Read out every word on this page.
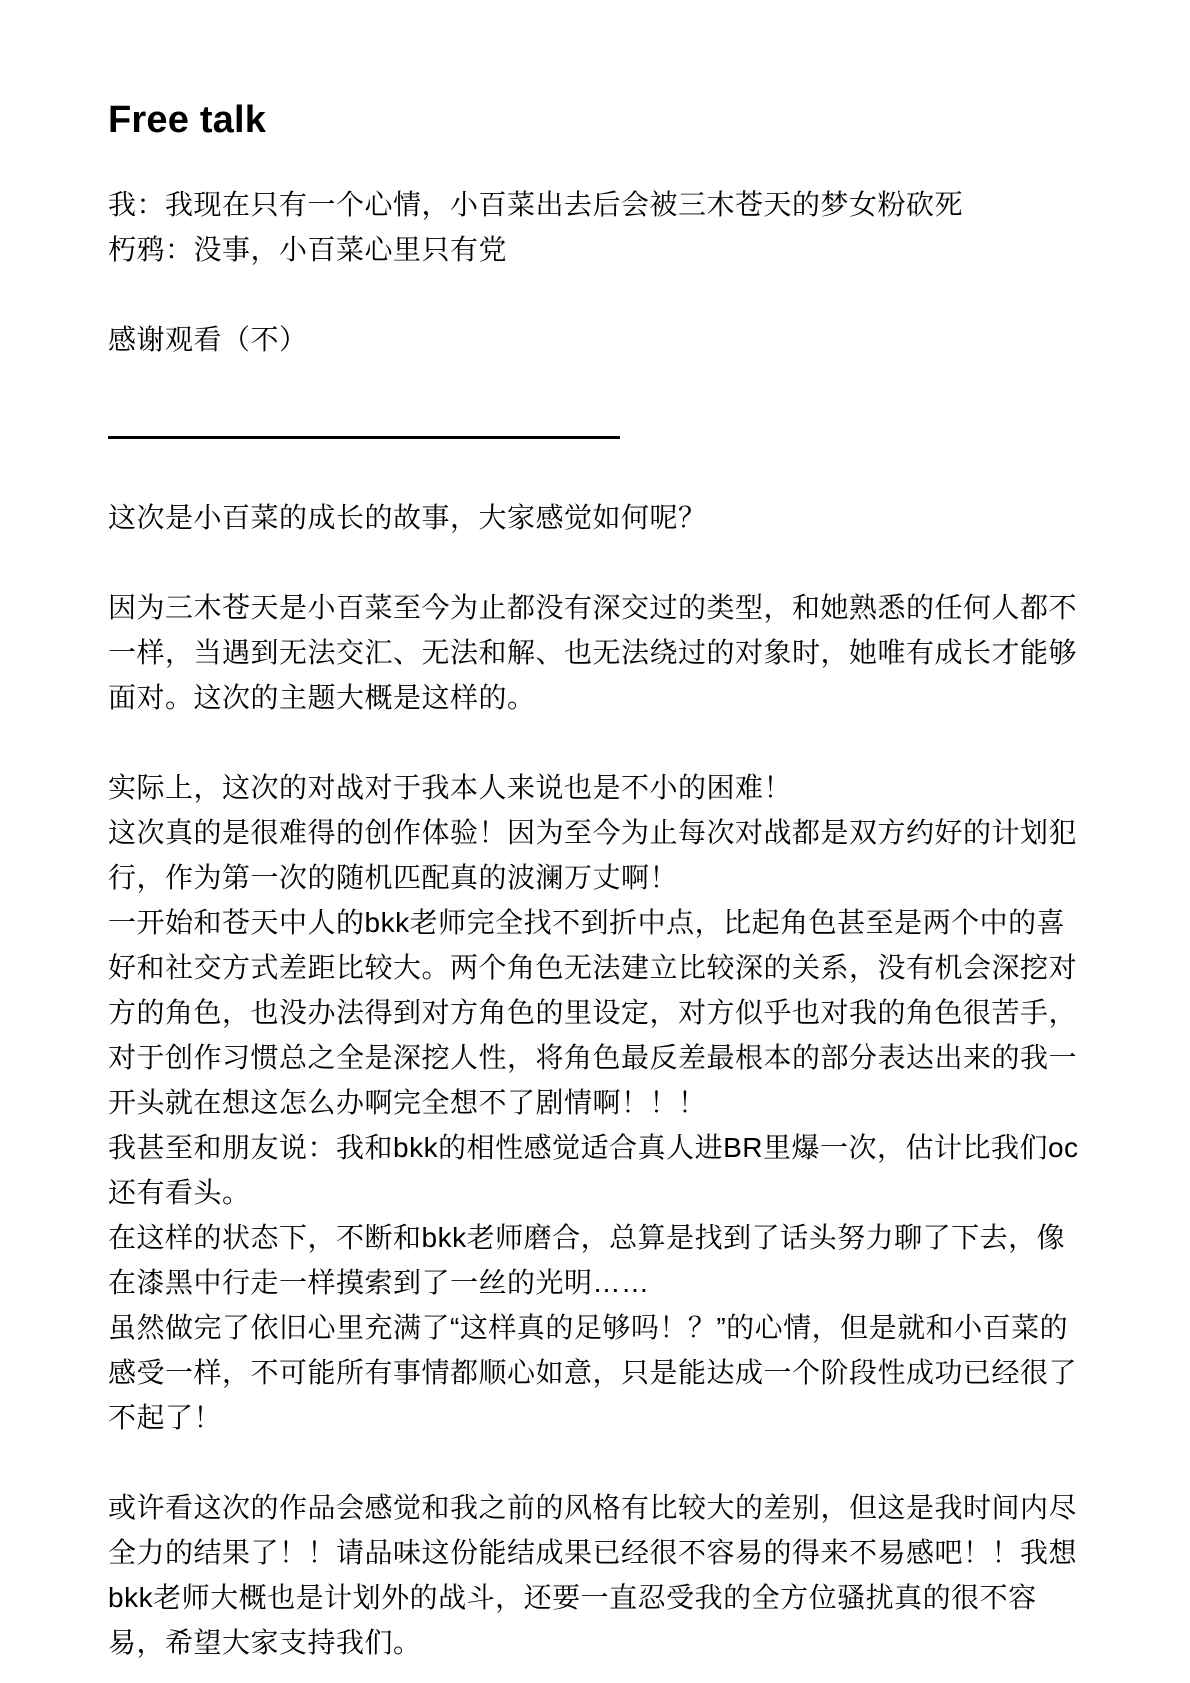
Free talk

我：我现在只有一个心情，小百菜出去后会被三木苍天的梦女粉砍死

朽鸦：没事，小百菜心里只有党

感谢观看（不）

这次是小百菜的成长的故事，大家感觉如何呢？

因为三木苍天是小百菜至今为止都没有深交过的类型，和她熟悉的任何人都不一样，当遇到无法交汇、无法和解、也无法绕过的对象时，她唯有成长才能够面对。这次的主题大概是这样的。

实际上，这次的对战对于我本人来说也是不小的困难！

这次真的是很难得的创作体验！因为至今为止每次对战都是双方约好的计划犯行，作为第一次的随机匹配真的波澜万丈啊！

一开始和苍天中人的bkk老师完全找不到折中点，比起角色甚至是两个中的喜好和社交方式差距比较大。两个角色无法建立比较深的关系，没有机会深挖对方的角色，也没办法得到对方角色的里设定，对方似乎也对我的角色很苦手，对于创作习惯总之全是深挖人性，将角色最反差最根本的部分表达出来的我一开头就在想这怎么办啊完全想不了剧情啊！！！

我甚至和朋友说：我和bkk的相性感觉适合真人进BR里爆一次，估计比我们oc还有看头。

在这样的状态下，不断和bkk老师磨合，总算是找到了话头努力聊了下去，像在漆黑中行走一样摸索到了一丝的光明……

虽然做完了依旧心里充满了“这样真的足够吗！？”的心情，但是就和小百菜的感受一样，不可能所有事情都顺心如意，只是能达成一个阶段性成功已经很了不起了！

或许看这次的作品会感觉和我之前的风格有比较大的差别，但这是我时间内尽全力的结果了！！请品味这份能结成果已经很不容易的得来不易感吧！！我想bkk老师大概也是计划外的战斗，还要一直忍受我的全方位骚扰真的很不容易，希望大家支持我们。
